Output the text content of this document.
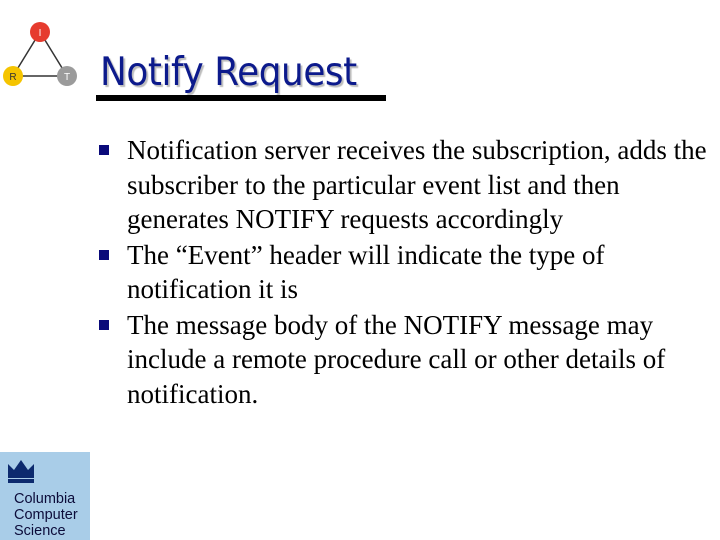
I
R	T Notify Request
Notification server receives the subscription, adds the subscriber to the particular event list and then generates NOTIFY requests accordingly
The “Event” header will indicate the type of notification it is
The message body of the NOTIFY message may include a remote procedure call or other details of notification.
Columbia
Computer
Science
